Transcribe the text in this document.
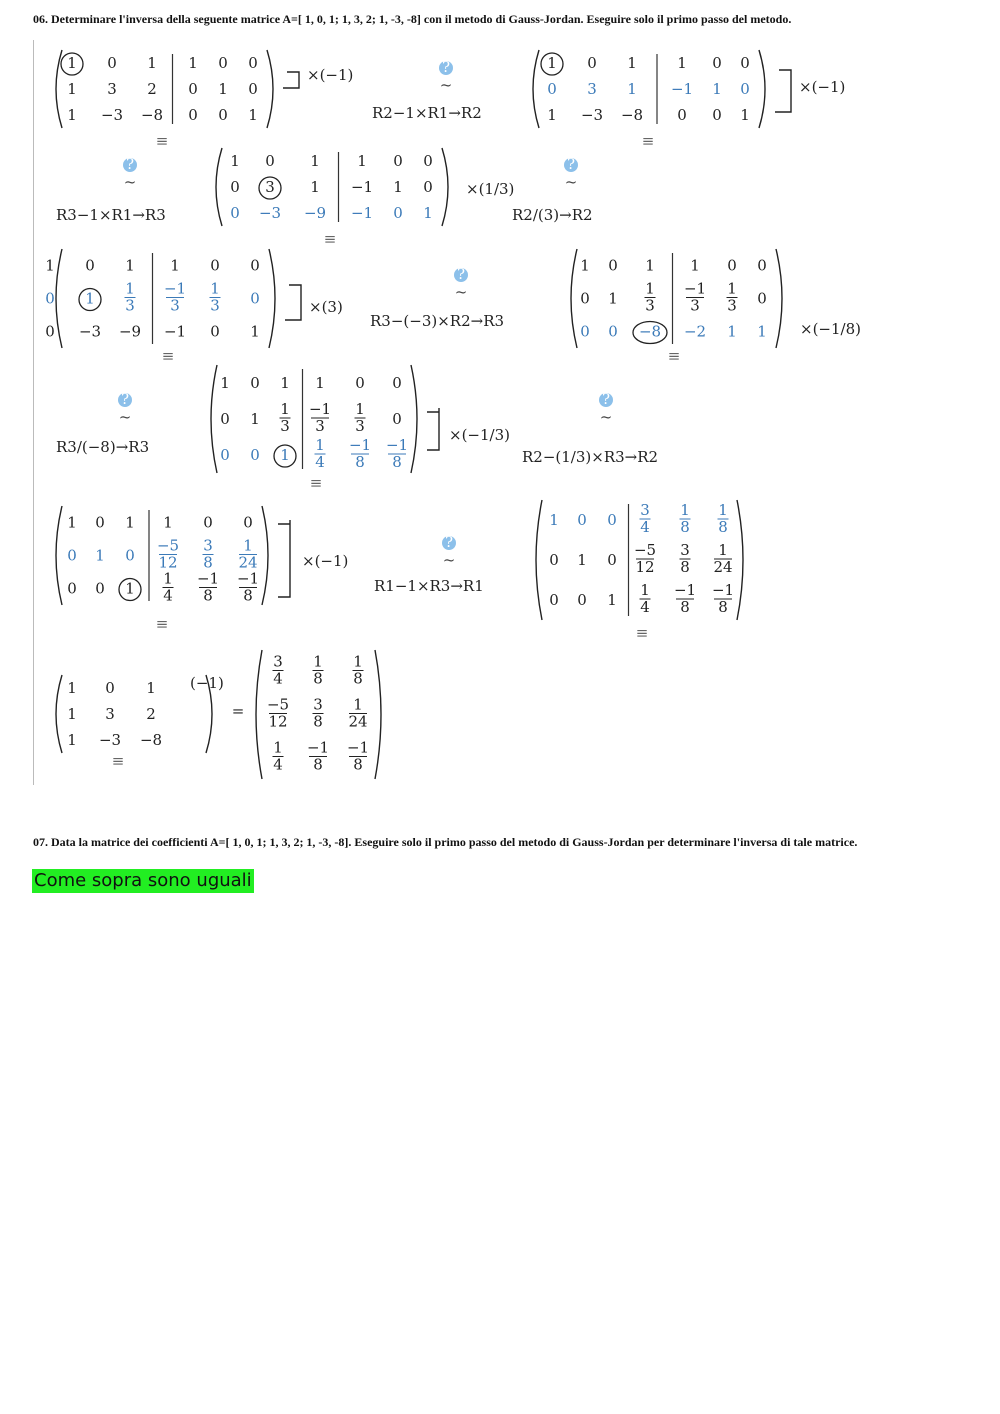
06. Determinare l'inversa della seguente matrice A=[ 1, 0, 1; 1, 3, 2; 1, -3, -8] con il metodo di Gauss-Jordan. Eseguire solo il primo passo del metodo.
1 0 1 1 0 0
1 3 2 0 1 0
1 −3 −8 0 0 1
×(−1)	?
~
R2−1×R1→R2
≡
1 0 1	1 0 0
0 3 1 −1 1 0
1 −3 −8 0 0 1
×(−1)
≡
?
~
R3−1×R1→R3
1 0 1 1 0 0
0 3 1 −1 1 0
0 −3 −9 −1 0 1
×(1/3)
?
~
R2/(3)→R2
≡
1 0 1 1 0 0
0 1
1
3
−1
3
1
3 0
0 −3 −9 −1 0 1
×(3)
?
~
R3−(−3)×R2→R3
≡
1 0 1 1 0 0
0 1
1
3
−1
3
1
3 0
0 0 −8 −2 1 1 ×(−1/8)
≡
?
~
R3/(−8)→R3
1 0 1 1 0 0
0 1
1
3
−1
3
1
3 0
0 0 1
1
4
−1
8
−1
8
×(−1/3)
?
~
R2−(1/3)×R3→R2
≡
1 0 1 1 0 0
0 1 0
−5
12
3
8
1
24
0 0 1
1
4
−1
8
−1
8
×(−1)
?
~
R1−1×R3→R1
≡
1 0 0
3
4
1
8
1
8
0 1 0
−5
12
3
8
1
24
0 0 1
1
4
−1
8
−1
8
≡
1 0 1
1 3 2
1 −3 −8
(−1)
=
3
4
1
8
1
8
−5
12
3
8
1
24
1
4
−1
8
−1
8
≡
07. Data la matrice dei coefficienti A=[ 1, 0, 1; 1, 3, 2; 1, -3, -8]. Eseguire solo il primo passo del metodo di Gauss-Jordan per determinare l'inversa di tale matrice.
Come sopra sono uguali
